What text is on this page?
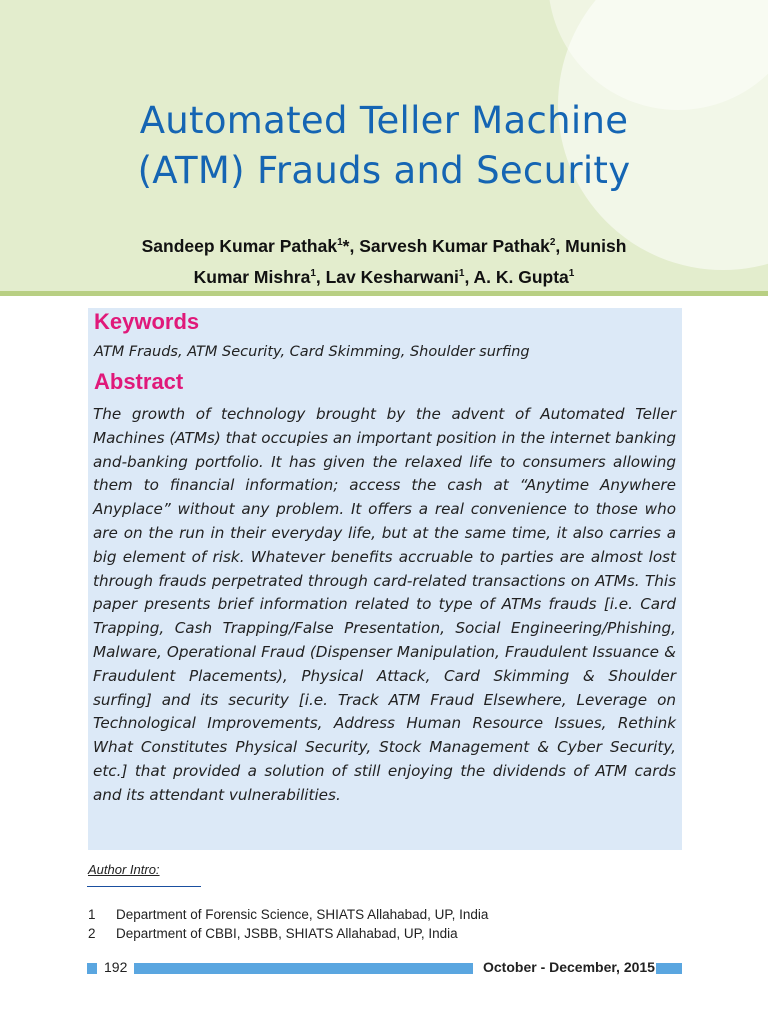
Automated Teller Machine
(ATM) Frauds and Security
Sandeep Kumar Pathak$^1$*, Sarvesh Kumar Pathak$^2$, Munish
Kumar Mishra$^1$, Lav Kesharwani$^1$, A. K. Gupta$^1$
Keywords
ATM Frauds, ATM Security, Card Skimming, Shoulder surfing
Abstract

The growth of technology brought by the advent of Automated Teller Machines (ATMs) that occupies an important position in the internet banking and-banking portfolio. It has given the relaxed life to consumers allowing them to financial information; access the cash at “Anytime Anywhere Anyplace” without any problem. It offers a real convenience to those who are on the run in their everyday life, but at the same time, it also carries a big element of risk. Whatever benefits accruable to parties are almost lost through frauds perpetrated through card-related transactions on ATMs. This paper presents brief information related to type of ATMs frauds [i.e. Card Trapping, Cash Trapping/False Presentation, Social Engineering/Phishing, Malware, Operational Fraud (Dispenser Manipulation, Fraudulent Issuance & Fraudulent Placements), Physical Attack, Card Skimming & Shoulder surfing] and its security [i.e. Track ATM Fraud Elsewhere, Leverage on Technological Improvements, Address Human Resource Issues, Rethink What Constitutes Physical Security, Stock Management & Cyber Security, etc.] that provided a solution of still enjoying the dividends of ATM cards and its attendant vulnerabilities.

Author Intro:
1 Department of Forensic Science, SHIATS Allahabad, UP, India
2 Department of CBBI, JSBB, SHIATS Allahabad, UP, India
192	October - December, 2015
